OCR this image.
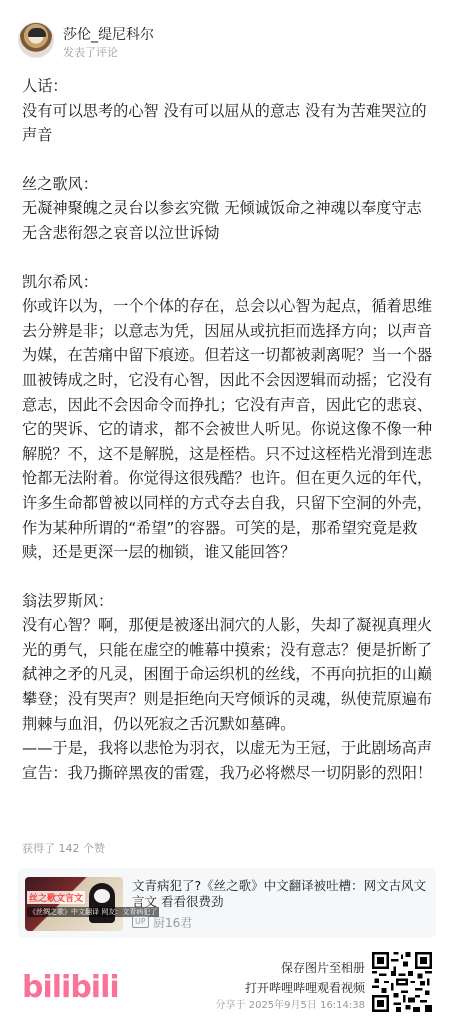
莎伦_缇尼科尔
发表了评论
人话：
没有可以思考的心智 没有可以屈从的意志 没有为苦难哭泣的声音
丝之歌风：
无凝神聚魄之灵台以参玄究微 无倾诚饭命之神魂以奉度守志 无含悲衔怨之哀音以泣世诉恸
凯尔希风：
你或许以为，一个个体的存在，总会以心智为起点，循着思维去分辨是非；以意志为凭，因屈从或抗拒而选择方向；以声音为媒，在苦痛中留下痕迹。但若这一切都被剥离呢？当一个器皿被铸成之时，它没有心智，因此不会因逻辑而动摇；它没有意志，因此不会因命令而挣扎；它没有声音，因此它的悲哀、它的哭诉、它的请求，都不会被世人听见。你说这像不像一种解脱？不，这不是解脱，这是桎梏。只不过这桎梏光滑到连悲怆都无法附着。你觉得这很残酷？也许。但在更久远的年代，许多生命都曾被以同样的方式夺去自我，只留下空洞的外壳，作为某种所谓的“希望”的容器。可笑的是，那希望究竟是救赎，还是更深一层的枷锁，谁又能回答？
翁法罗斯风：
没有心智？啊，那便是被逐出洞穴的人影，失却了凝视真理火光的勇气，只能在虚空的帷幕中摸索；没有意志？便是折断了弑神之矛的凡灵，困囿于命运织机的丝线，不再向抗拒的山巅攀登；没有哭声？则是拒绝向天穹倾诉的灵魂，纵使荒原遍布荆棘与血泪，仍以死寂之舌沉默如墓碑。
——于是，我将以悲怆为羽衣，以虚无为王冠，于此剧场高声宣告：我乃撕碎黑夜的雷霆，我乃必将燃尽一切阴影的烈阳！
获得了 142 个赞
丝之歌文言文
《丝绸之歌》中文翻译 网友：文青病犯了
文青病犯了?《丝之歌》中文翻译被吐槽：网文古风文言文 看看很费劲
UP 厨16君
bilibili
保存图片至相册
打开哔哩哔哩观看视频
分享于 2025年9月5日 16:14:38
